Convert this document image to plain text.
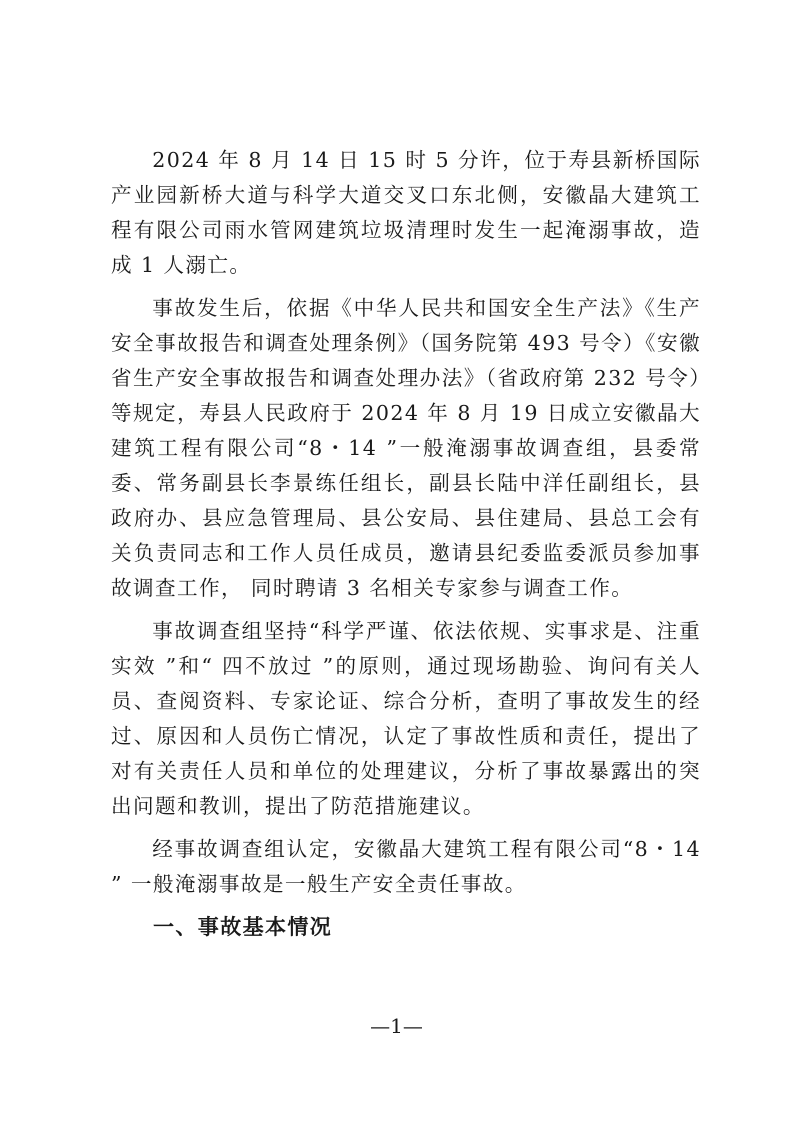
2024 年 8 月 14 日 15 时 5 分许，位于寿县新桥国际产业园新桥大道与科学大道交叉口东北侧，安徽晶大建筑工程有限公司雨水管网建筑垃圾清理时发生一起淹溺事故，造成 1 人溺亡。

事故发生后，依据《中华人民共和国安全生产法》《生产安全事故报告和调查处理条例》（国务院第 493 号令）《安徽省生产安全事故报告和调查处理办法》（省政府第 232 号令）等规定，寿县人民政府于 2024 年 8 月 19 日成立安徽晶大建筑工程有限公司“8・14 ”一般淹溺事故调查组，县委常委、常务副县长李景练任组长，副县长陆中洋任副组长，县政府办、县应急管理局、县公安局、县住建局、县总工会有关负责同志和工作人员任成员，邀请县纪委监委派员参加事故调查工作， 同时聘请 3 名相关专家参与调查工作。

事故调查组坚持“科学严谨、依法依规、实事求是、注重实效 ”和“ 四不放过 ”的原则，通过现场勘验、询问有关人员、查阅资料、专家论证、综合分析，查明了事故发生的经过、原因和人员伤亡情况，认定了事故性质和责任，提出了对有关责任人员和单位的处理建议，分析了事故暴露出的突出问题和教训，提出了防范措施建议。

经事故调查组认定，安徽晶大建筑工程有限公司“8・14 ” 一般淹溺事故是一般生产安全责任事故。

一、事故基本情况
—1—
